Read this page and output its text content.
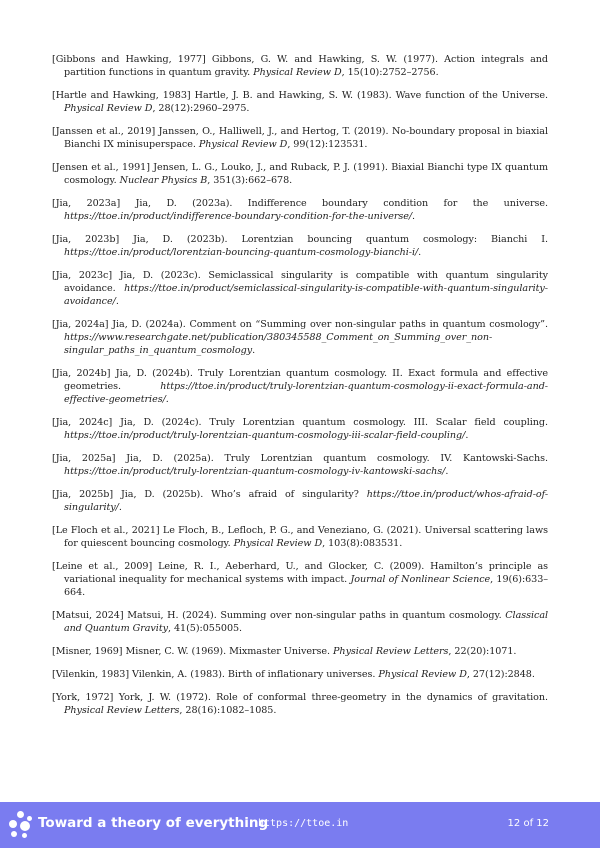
[Gibbons and Hawking, 1977] Gibbons, G. W. and Hawking, S. W. (1977). Action integrals and partition functions in quantum gravity. Physical Review D, 15(10):2752–2756.

[Hartle and Hawking, 1983] Hartle, J. B. and Hawking, S. W. (1983). Wave function of the Universe. Physical Review D, 28(12):2960–2975.

[Janssen et al., 2019] Janssen, O., Halliwell, J., and Hertog, T. (2019). No-boundary proposal in biaxial Bianchi IX minisuperspace. Physical Review D, 99(12):123531.

[Jensen et al., 1991] Jensen, L. G., Louko, J., and Ruback, P. J. (1991). Biaxial Bianchi type IX quantum cosmology. Nuclear Physics B, 351(3):662–678.

[Jia, 2023a] Jia, D. (2023a). Indifference boundary condition for the universe. https://ttoe.in/product/indifference-boundary-condition-for-the-universe/.

[Jia, 2023b] Jia, D. (2023b). Lorentzian bouncing quantum cosmology: Bianchi I. https://ttoe.in/product/lorentzian-bouncing-quantum-cosmology-bianchi-i/.

[Jia, 2023c] Jia, D. (2023c). Semiclassical singularity is compatible with quantum singularity avoidance. https://ttoe.in/product/semiclassical-singularity-is-compatible-with-quantum-singularity-avoidance/.

[Jia, 2024a] Jia, D. (2024a). Comment on “Summing over non-singular paths in quantum cosmology”. https://www.researchgate.net/publication/380345588_Comment_on_Summing_over_non-singular_paths_in_quantum_cosmology.

[Jia, 2024b] Jia, D. (2024b). Truly Lorentzian quantum cosmology. II. Exact formula and effective geometries.	https://ttoe.in/product/truly-lorentzian-quantum-cosmology-ii-exact-formula-and-effective-geometries/.

[Jia, 2024c] Jia, D. (2024c). Truly Lorentzian quantum cosmology. III. Scalar field coupling. https://ttoe.in/product/truly-lorentzian-quantum-cosmology-iii-scalar-field-coupling/.

[Jia, 2025a] Jia, D. (2025a). Truly Lorentzian quantum cosmology. IV. Kantowski-Sachs. https://ttoe.in/product/truly-lorentzian-quantum-cosmology-iv-kantowski-sachs/.

[Jia, 2025b] Jia, D. (2025b). Who’s afraid of singularity? https://ttoe.in/product/whos-afraid-of-singularity/.

[Le Floch et al., 2021] Le Floch, B., Lefloch, P. G., and Veneziano, G. (2021). Universal scattering laws for quiescent bouncing cosmology. Physical Review D, 103(8):083531.

[Leine et al., 2009] Leine, R. I., Aeberhard, U., and Glocker, C. (2009). Hamilton’s principle as variational inequality for mechanical systems with impact. Journal of Nonlinear Science, 19(6):633–664.

[Matsui, 2024] Matsui, H. (2024). Summing over non-singular paths in quantum cosmology. Classical and Quantum Gravity, 41(5):055005.

[Misner, 1969] Misner, C. W. (1969). Mixmaster Universe. Physical Review Letters, 22(20):1071.

[Vilenkin, 1983] Vilenkin, A. (1983). Birth of inflationary universes. Physical Review D, 27(12):2848.

[York, 1972] York, J. W. (1972). Role of conformal three-geometry in the dynamics of gravitation. Physical Review Letters, 28(16):1082–1085.

Toward a theory of everything
https://ttoe.in	12 of 12
